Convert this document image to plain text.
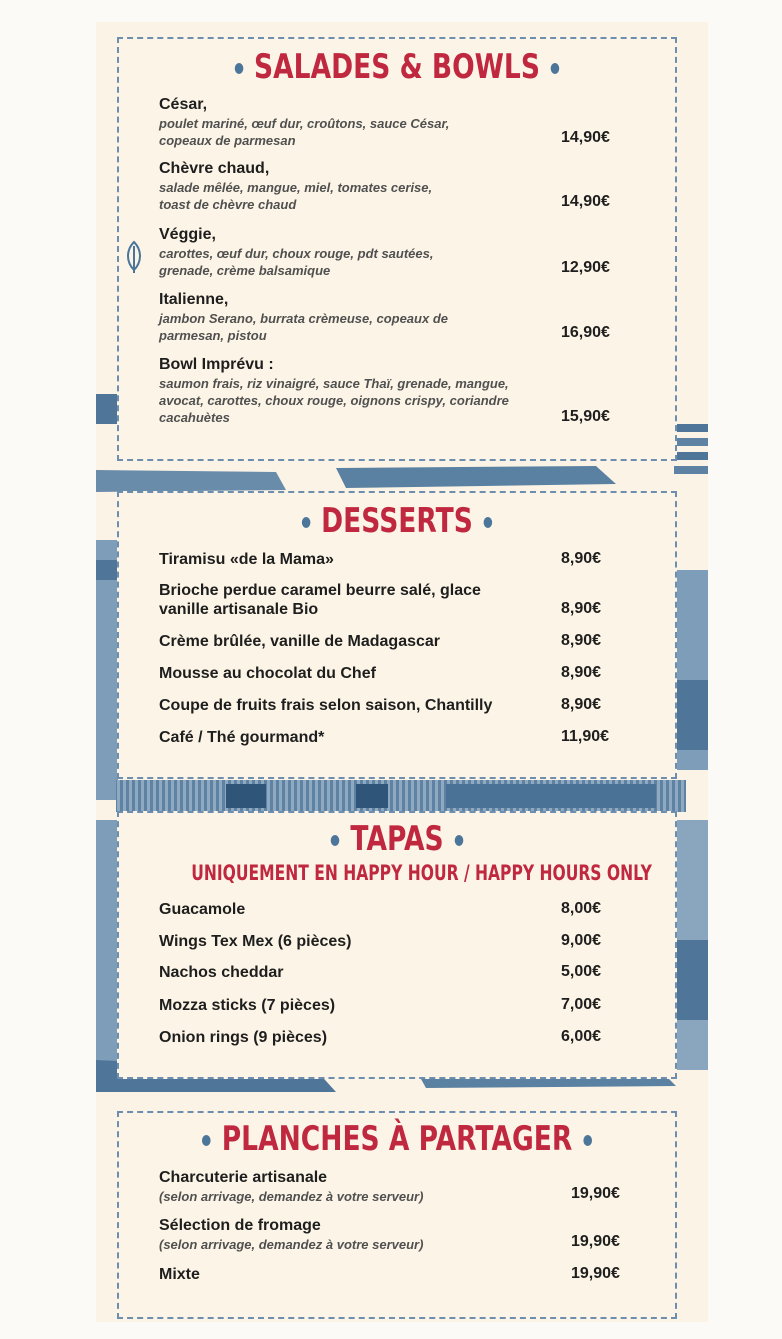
SALADES & BOWLS
César,
poulet mariné, œuf dur, croûtons, sauce César,
copeaux de parmesan	14,90€
Chèvre chaud,
salade mêlée, mangue, miel, tomates cerise,
toast de chèvre chaud	14,90€
Véggie,
carottes, œuf dur, choux rouge, pdt sautées,
grenade, crème balsamique	12,90€
Italienne,
jambon Serano, burrata crèmeuse, copeaux de
parmesan, pistou	16,90€
Bowl Imprévu :
saumon frais, riz vinaigré, sauce Thaï, grenade, mangue,
avocat, carottes, choux rouge, oignons crispy, coriandre
cacahuètes	15,90€
DESSERTS
Tiramisu «de la Mama»	8,90€
Brioche perdue caramel beurre salé, glace
vanille artisanale Bio	8,90€
Crème brûlée, vanille de Madagascar	8,90€
Mousse au chocolat du Chef	8,90€
Coupe de fruits frais selon saison, Chantilly	8,90€
Café / Thé gourmand*	11,90€
TAPAS
UNIQUEMENT EN HAPPY HOUR / HAPPY HOURS ONLY
Guacamole	8,00€
Wings Tex Mex (6 pièces)	9,00€
Nachos cheddar	5,00€
Mozza sticks (7 pièces)	7,00€
Onion rings (9 pièces)	6,00€
PLANCHES À PARTAGER
Charcuterie artisanale
(selon arrivage, demandez à votre serveur)	19,90€
Sélection de fromage
(selon arrivage, demandez à votre serveur)	19,90€
Mixte	19,90€
